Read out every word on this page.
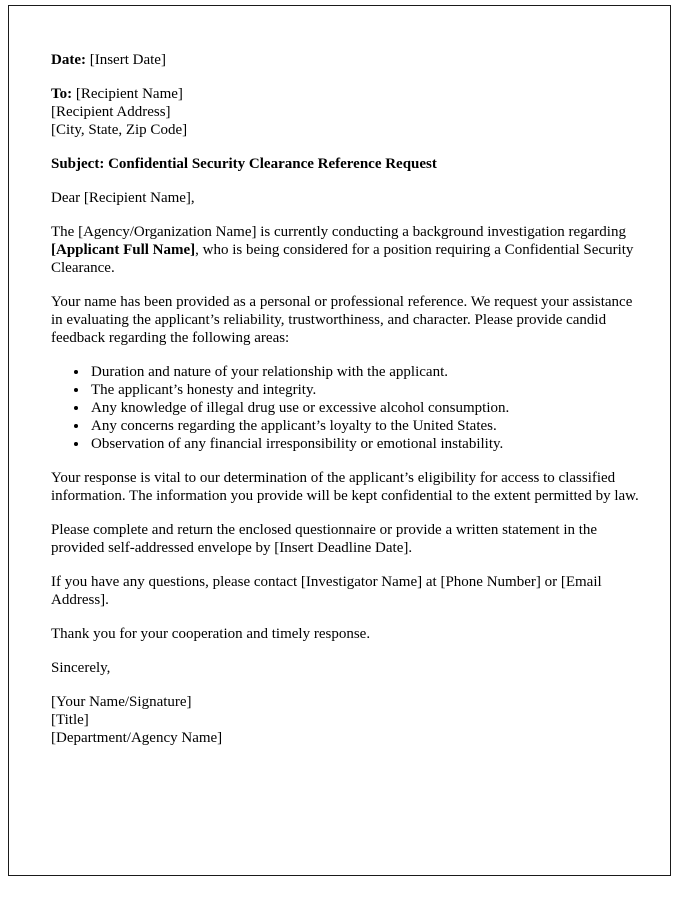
Date: [Insert Date]

To: [Recipient Name]
[Recipient Address]
[City, State, Zip Code]

Subject: Confidential Security Clearance Reference Request

Dear [Recipient Name],

The [Agency/Organization Name] is currently conducting a background investigation regarding [Applicant Full Name], who is being considered for a position requiring a Confidential Security Clearance.

Your name has been provided as a personal or professional reference. We request your assistance in evaluating the applicant’s reliability, trustworthiness, and character. Please provide candid feedback regarding the following areas:

• Duration and nature of your relationship with the applicant.
• The applicant’s honesty and integrity.
• Any knowledge of illegal drug use or excessive alcohol consumption.
• Any concerns regarding the applicant’s loyalty to the United States.
• Observation of any financial irresponsibility or emotional instability.

Your response is vital to our determination of the applicant’s eligibility for access to classified information. The information you provide will be kept confidential to the extent permitted by law.

Please complete and return the enclosed questionnaire or provide a written statement in the provided self-addressed envelope by [Insert Deadline Date].

If you have any questions, please contact [Investigator Name] at [Phone Number] or [Email Address].

Thank you for your cooperation and timely response.

Sincerely,

[Your Name/Signature]
[Title]
[Department/Agency Name]
